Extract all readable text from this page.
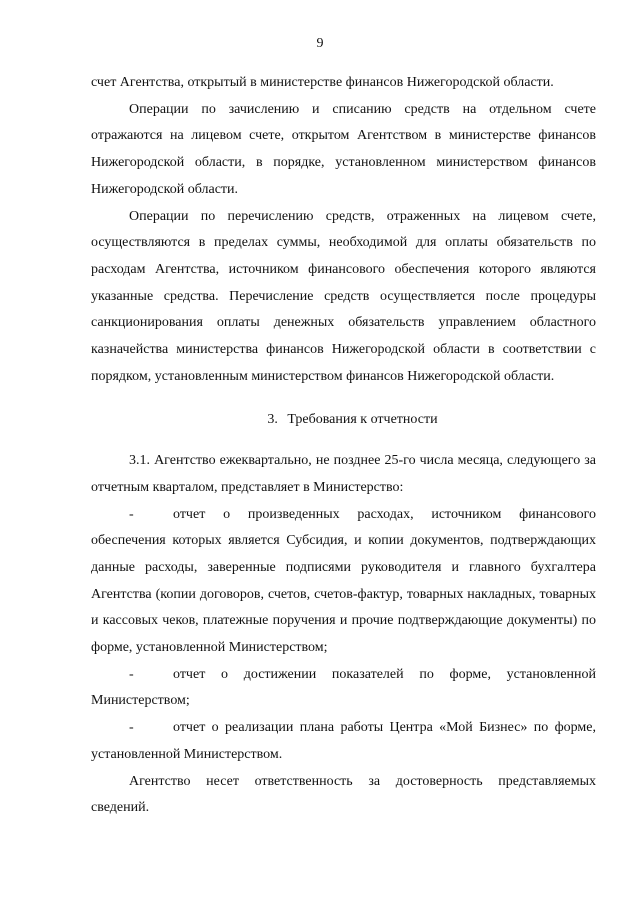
9

счет Агентства, открытый в министерстве финансов Нижегородской области.

Операции по зачислению и списанию средств на отдельном счете отражаются на лицевом счете, открытом Агентством в министерстве финансов Нижегородской области, в порядке, установленном министерством финансов Нижегородской области.

Операции по перечислению средств, отраженных на лицевом счете, осуществляются в пределах суммы, необходимой для оплаты обязательств по расходам Агентства, источником финансового обеспечения которого являются указанные средства. Перечисление средств осуществляется после процедуры санкционирования оплаты денежных обязательств управлением областного казначейства министерства финансов Нижегородской области в соответствии с порядком, установленным министерством финансов Нижегородской области.

3. Требования к отчетности

3.1. Агентство ежеквартально, не позднее 25-го числа месяца, следующего за отчетным кварталом, представляет в Министерство:

-	отчет о произведенных расходах, источником финансового обеспечения которых является Субсидия, и копии документов, подтверждающих данные расходы, заверенные подписями руководителя и главного бухгалтера Агентства (копии договоров, счетов, счетов-фактур, товарных накладных, товарных и кассовых чеков, платежные поручения и прочие подтверждающие документы) по форме, установленной Министерством;

-	отчет о достижении показателей по форме, установленной Министерством;

-	отчет о реализации плана работы Центра «Мой Бизнес» по форме, установленной Министерством.

Агентство несет ответственность за достоверность представляемых сведений.
